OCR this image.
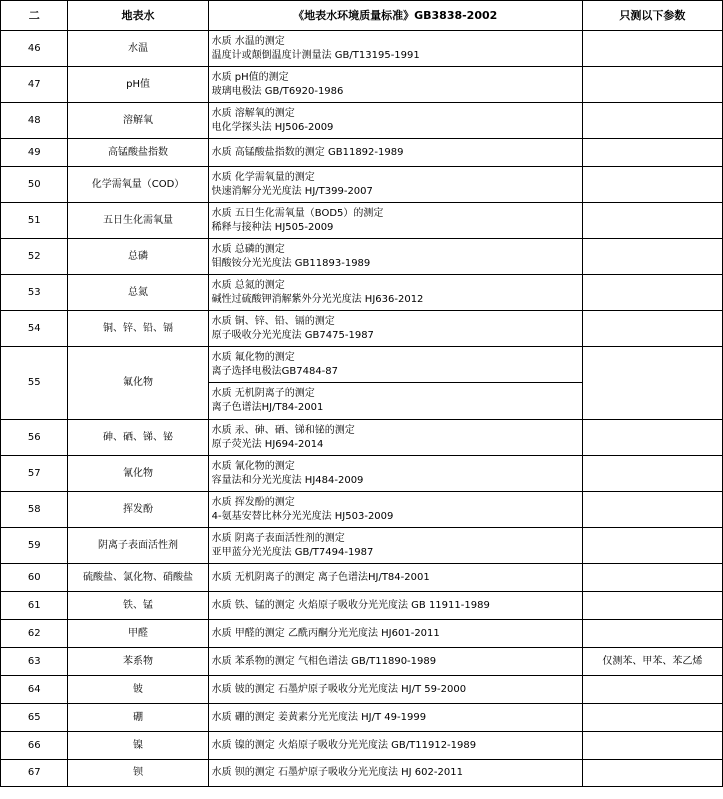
二	地表水	《地表水环境质量标准》GB3838-2002	只测以下参数
46	水温	水质 水温的测定
温度计或颠倒温度计测量法 GB/T13195-1991	

47	pH值	水质 pH值的测定
玻璃电极法 GB/T6920-1986	

48	溶解氧	水质 溶解氧的测定
电化学探头法 HJ506-2009	

49	高锰酸盐指数	水质 高锰酸盐指数的测定 GB11892-1989	

50	化学需氧量（COD）	水质 化学需氧量的测定
快速消解分光光度法 HJ/T399-2007	

51	五日生化需氧量	水质 五日生化需氧量（BOD5）的测定
稀释与接种法 HJ505-2009	

52	总磷	水质 总磷的测定
钼酸铵分光光度法 GB11893-1989	

53	总氮	水质 总氮的测定
碱性过硫酸钾消解紫外分光光度法 HJ636-2012	

54	铜、锌、铅、镉	水质 铜、锌、铅、镉的测定
原子吸收分光光度法 GB7475-1987	

55	氟化物	水质 氟化物的测定
离子选择电极法GB7484-87	

		水质 无机阴离子的测定
离子色谱法HJ/T84-2001	

56	砷、硒、锑、铋	水质 汞、砷、硒、锑和铋的测定
原子荧光法 HJ694-2014	

57	氰化物	水质 氰化物的测定
容量法和分光光度法 HJ484-2009	

58	挥发酚	水质 挥发酚的测定
4-氨基安替比林分光光度法 HJ503-2009	

59	阴离子表面活性剂	水质 阴离子表面活性剂的测定
亚甲蓝分光光度法 GB/T7494-1987	

60	硫酸盐、氯化物、硝酸盐	水质 无机阴离子的测定 离子色谱法HJ/T84-2001	

61	铁、锰	水质 铁、锰的测定 火焰原子吸收分光光度法 GB 11911-1989	

62	甲醛	水质 甲醛的测定 乙酰丙酮分光光度法 HJ601-2011	

63	苯系物	水质 苯系物的测定 气相色谱法 GB/T11890-1989	仅测苯、甲苯、苯乙烯
64	铍	水质 铍的测定 石墨炉原子吸收分光光度法 HJ/T 59-2000	

65	硼	水质 硼的测定 姜黄素分光光度法 HJ/T 49-1999	

66	镍	水质 镍的测定 火焰原子吸收分光光度法 GB/T11912-1989	

67	钡	水质 钡的测定 石墨炉原子吸收分光光度法 HJ 602-2011	
